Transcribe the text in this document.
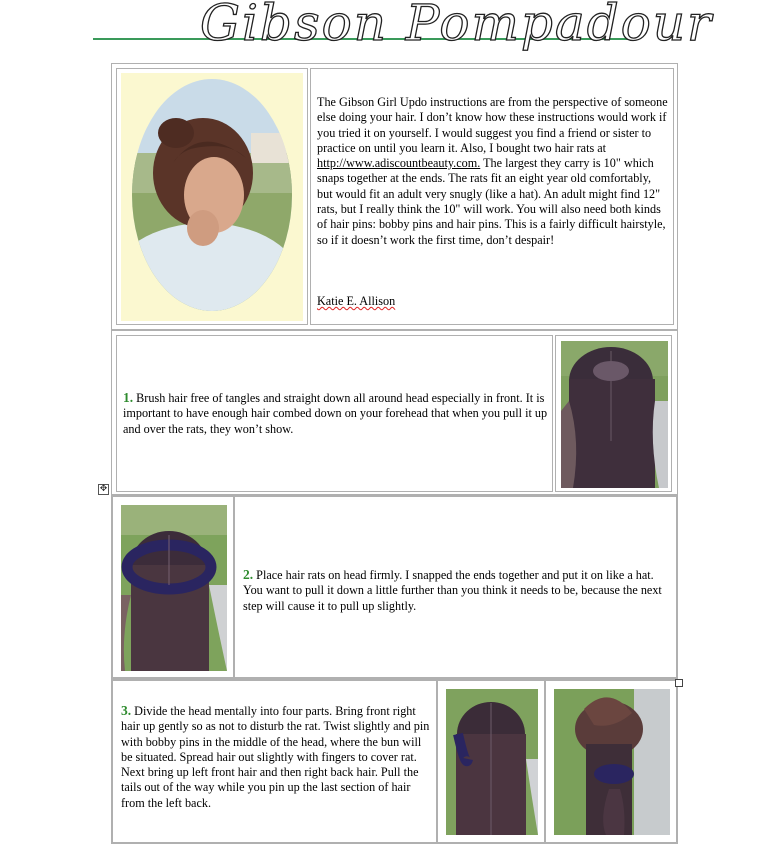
Gibson Pompadour
The Gibson Girl Updo instructions are from the perspective of someone else doing your hair. I don’t know how these instructions would work if you tried it on yourself. I would suggest you find a friend or sister to practice on until you learn it. Also, I bought two hair rats at http://www.adiscountbeauty.com. The largest they carry is 10" which snaps together at the ends. The rats fit an eight year old comfortably, but would fit an adult very snugly (like a hat). An adult might find 12" rats, but I really think the 10" will work. You will also need both kinds of hair pins: bobby pins and hair pins. This is a fairly difficult hairstyle, so if it doesn’t work the first time, don’t despair!
Katie E. Allison
1. Brush hair free of tangles and straight down all around head especially in front. It is important to have enough hair combed down on your forehead that when you pull it up and over the rats, they won’t show.
2. Place hair rats on head firmly. I snapped the ends together and put it on like a hat. You want to pull it down a little further than you think it needs to be, because the next step will cause it to pull up slightly.
3. Divide the head mentally into four parts. Bring front right hair up gently so as not to disturb the rat. Twist slightly and pin with bobby pins in the middle of the head, where the bun will be situated. Spread hair out slightly with fingers to cover rat. Next bring up left front hair and then right back hair. Pull the tails out of the way while you pin up the last section of hair from the left back.
✥
